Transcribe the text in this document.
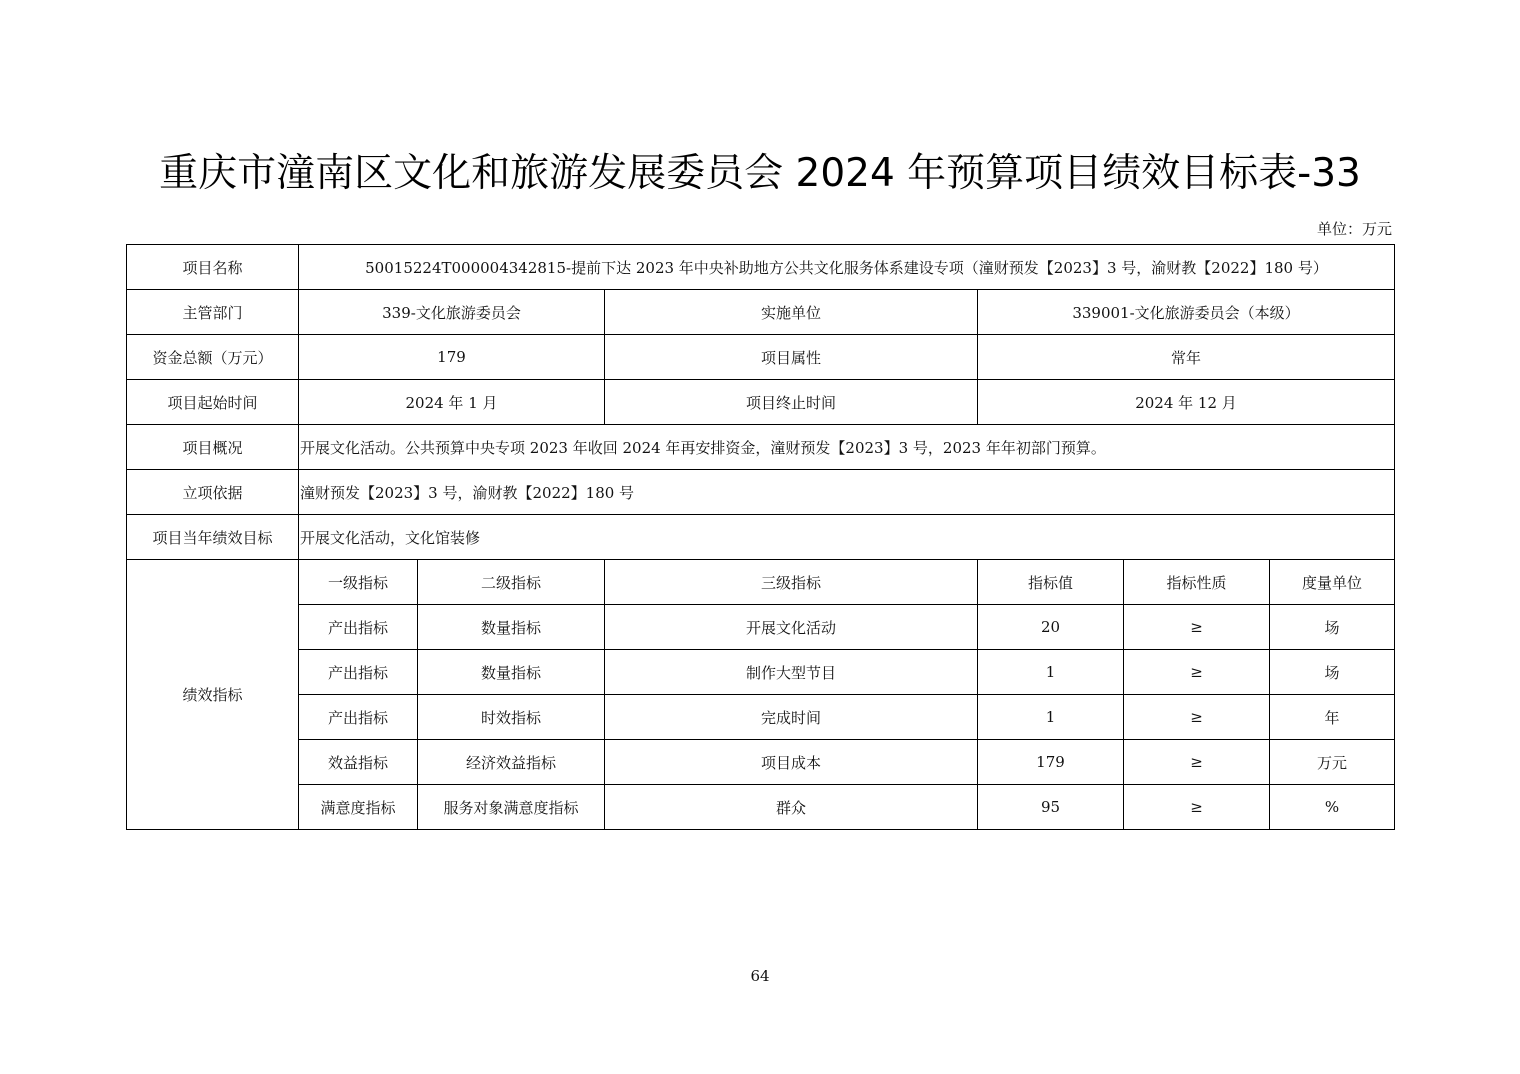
重庆市潼南区文化和旅游发展委员会 2024 年预算项目绩效目标表-33
单位：万元
项目名称	50015224T000004342815-提前下达 2023 年中央补助地方公共文化服务体系建设专项（潼财预发【2023】3 号，渝财教【2022】180 号）						
主管部门	339-文化旅游委员会		实施单位	339001-文化旅游委员会（本级）			
资金总额（万元）	179		项目属性	常年			
项目起始时间	2024 年 1 月		项目终止时间	2024 年 12 月			
项目概况	开展文化活动。公共预算中央专项 2023 年收回 2024 年再安排资金，潼财预发【2023】3 号，2023 年年初部门预算。						
立项依据	潼财预发【2023】3 号，渝财教【2022】180 号						
项目当年绩效目标	开展文化活动，文化馆装修						
绩效指标	一级指标	二级指标	三级指标	指标值	指标性质	度量单位	
	产出指标	数量指标	开展文化活动	20	≥	场	
	产出指标	数量指标	制作大型节目	1	≥	场	
	产出指标	时效指标	完成时间	1	≥	年	
	效益指标	经济效益指标	项目成本	179	≥	万元	
	满意度指标	服务对象满意度指标	群众	95	≥	%	
64
